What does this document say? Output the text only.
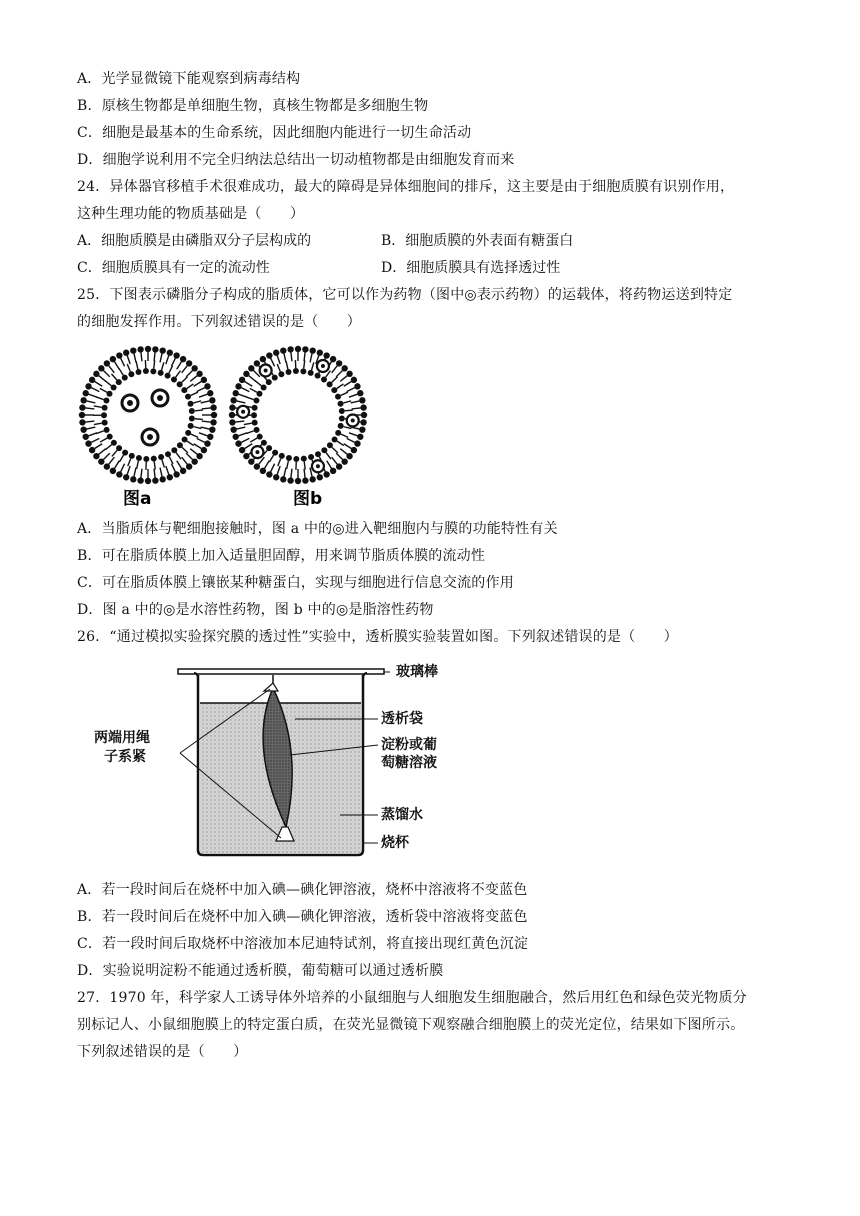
A．光学显微镜下能观察到病毒结构
B．原核生物都是单细胞生物，真核生物都是多细胞生物
C．细胞是最基本的生命系统，因此细胞内能进行一切生命活动
D．细胞学说利用不完全归纳法总结出一切动植物都是由细胞发育而来
24．异体器官移植手术很难成功，最大的障碍是异体细胞间的排斥，这主要是由于细胞质膜有识别作用，
这种生理功能的物质基础是（　　）
A．细胞质膜是由磷脂双分子层构成的	B．细胞质膜的外表面有糖蛋白
C．细胞质膜具有一定的流动性	D．细胞质膜具有选择透过性
25．下图表示磷脂分子构成的脂质体，它可以作为药物（图中◎表示药物）的运载体，将药物运送到特定
的细胞发挥作用。下列叙述错误的是（　　）
图a	图b
A．当脂质体与靶细胞接触时，图 a 中的◎进入靶细胞内与膜的功能特性有关
B．可在脂质体膜上加入适量胆固醇，用来调节脂质体膜的流动性
C．可在脂质体膜上镶嵌某种糖蛋白，实现与细胞进行信息交流的作用
D．图 a 中的◎是水溶性药物，图 b 中的◎是脂溶性药物
26．“通过模拟实验探究膜的透过性”实验中，透析膜实验装置如图。下列叙述错误的是（　　）
玻璃棒
透析袋
淀粉或葡
萄糖溶液
蒸馏水
烧杯
两端用绳
子系紧
A．若一段时间后在烧杯中加入碘—碘化钾溶液，烧杯中溶液将不变蓝色
B．若一段时间后在烧杯中加入碘—碘化钾溶液，透析袋中溶液将变蓝色
C．若一段时间后取烧杯中溶液加本尼迪特试剂，将直接出现红黄色沉淀
D．实验说明淀粉不能通过透析膜，葡萄糖可以通过透析膜
27．1970 年，科学家人工诱导体外培养的小鼠细胞与人细胞发生细胞融合，然后用红色和绿色荧光物质分
别标记人、小鼠细胞膜上的特定蛋白质，在荧光显微镜下观察融合细胞膜上的荧光定位，结果如下图所示。
下列叙述错误的是（　　）
